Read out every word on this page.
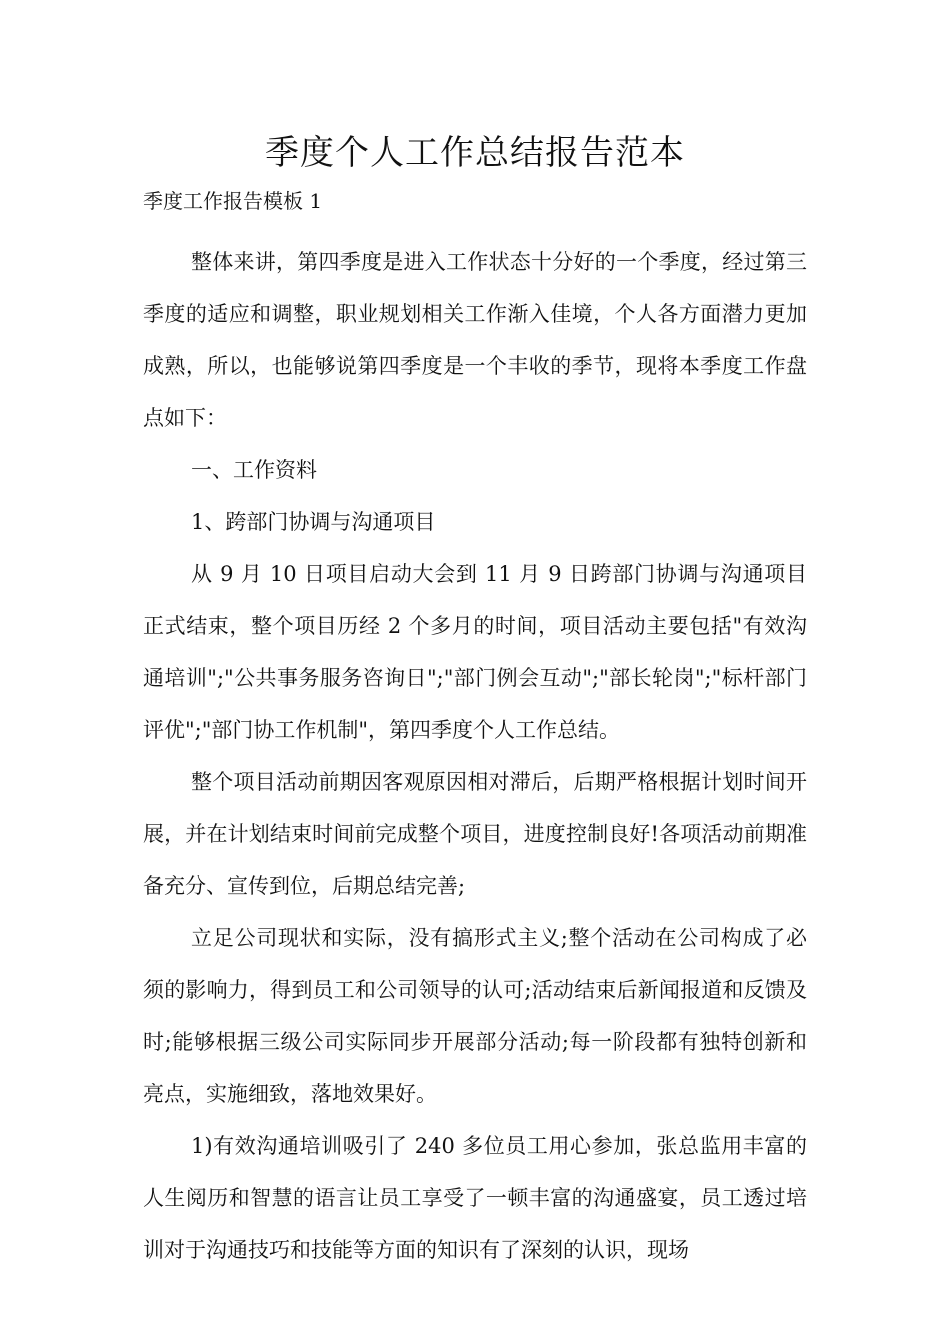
季度个人工作总结报告范本
季度工作报告模板 1

整体来讲，第四季度是进入工作状态十分好的一个季度，经过第三季度的适应和调整，职业规划相关工作渐入佳境，个人各方面潜力更加成熟，所以，也能够说第四季度是一个丰收的季节，现将本季度工作盘点如下：

一、工作资料

1、跨部门协调与沟通项目

从 9 月 10 日项目启动大会到 11 月 9 日跨部门协调与沟通项目正式结束，整个项目历经 2 个多月的时间，项目活动主要包括"有效沟通培训";"公共事务服务咨询日";"部门例会互动";"部长轮岗";"标杆部门评优";"部门协工作机制"，第四季度个人工作总结。

整个项目活动前期因客观原因相对滞后，后期严格根据计划时间开展，并在计划结束时间前完成整个项目，进度控制良好!各项活动前期准备充分、宣传到位，后期总结完善;

立足公司现状和实际，没有搞形式主义;整个活动在公司构成了必须的影响力，得到员工和公司领导的认可;活动结束后新闻报道和反馈及时;能够根据三级公司实际同步开展部分活动;每一阶段都有独特创新和亮点，实施细致，落地效果好。

1)有效沟通培训吸引了 240 多位员工用心参加，张总监用丰富的人生阅历和智慧的语言让员工享受了一顿丰富的沟通盛宴，员工透过培训对于沟通技巧和技能等方面的知识有了深刻的认识，现场
